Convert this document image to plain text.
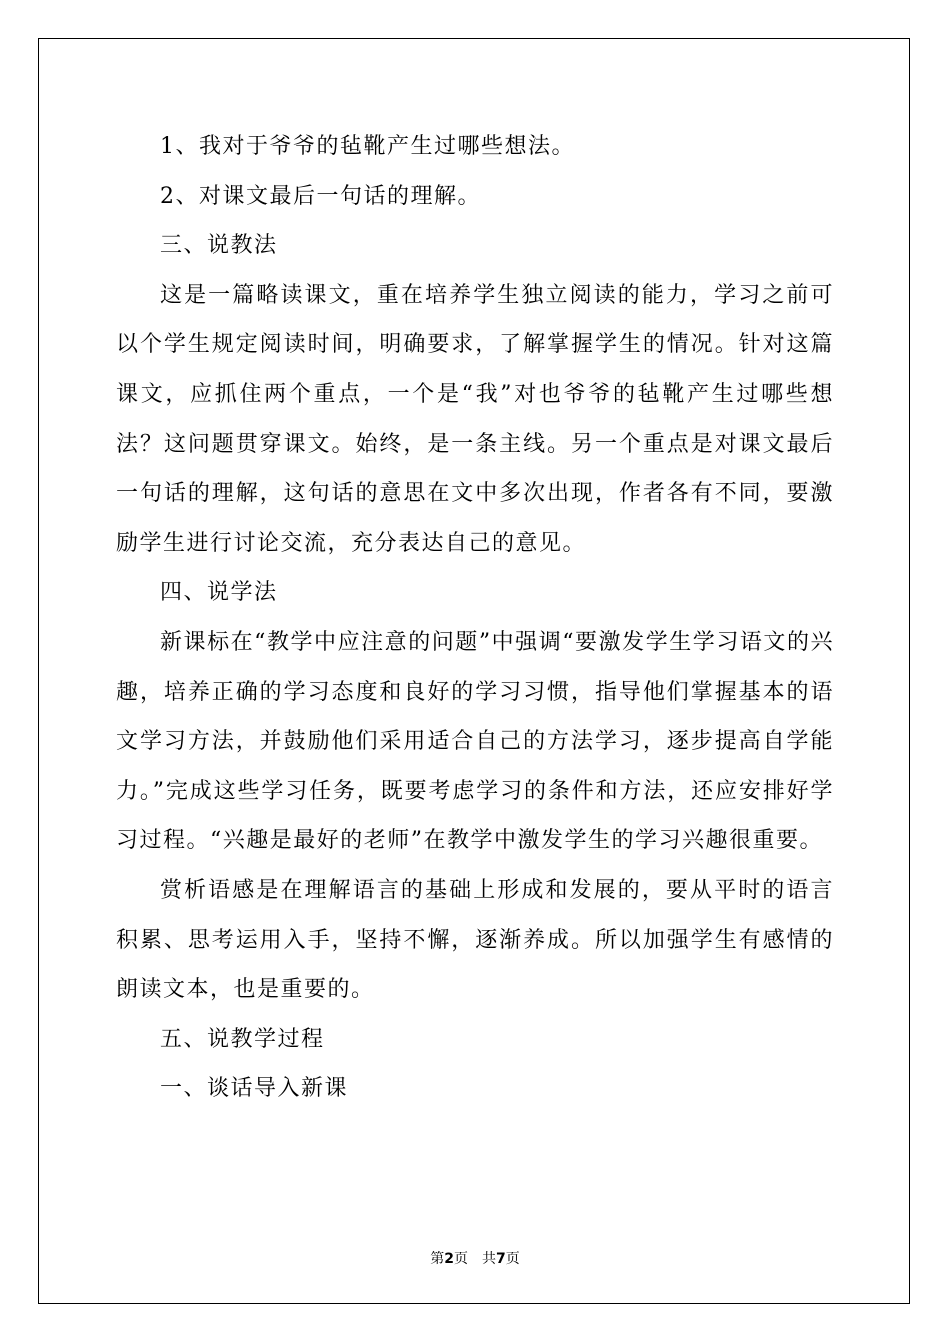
1、我对于爷爷的毡靴产生过哪些想法。

2、对课文最后一句话的理解。

三、说教法

这是一篇略读课文，重在培养学生独立阅读的能力，学习之前可以个学生规定阅读时间，明确要求，了解掌握学生的情况。针对这篇课文，应抓住两个重点，一个是“我”对也爷爷的毡靴产生过哪些想法？这问题贯穿课文。始终，是一条主线。另一个重点是对课文最后一句话的理解，这句话的意思在文中多次出现，作者各有不同，要激励学生进行讨论交流，充分表达自己的意见。

四、说学法

新课标在“教学中应注意的问题”中强调“要激发学生学习语文的兴趣，培养正确的学习态度和良好的学习习惯，指导他们掌握基本的语文学习方法，并鼓励他们采用适合自己的方法学习，逐步提高自学能力。”完成这些学习任务，既要考虑学习的条件和方法，还应安排好学习过程。“兴趣是最好的老师”在教学中激发学生的学习兴趣很重要。

赏析语感是在理解语言的基础上形成和发展的，要从平时的语言积累、思考运用入手，坚持不懈，逐渐养成。所以加强学生有感情的朗读文本，也是重要的。

五、说教学过程

一、谈话导入新课

第2页 共7页
